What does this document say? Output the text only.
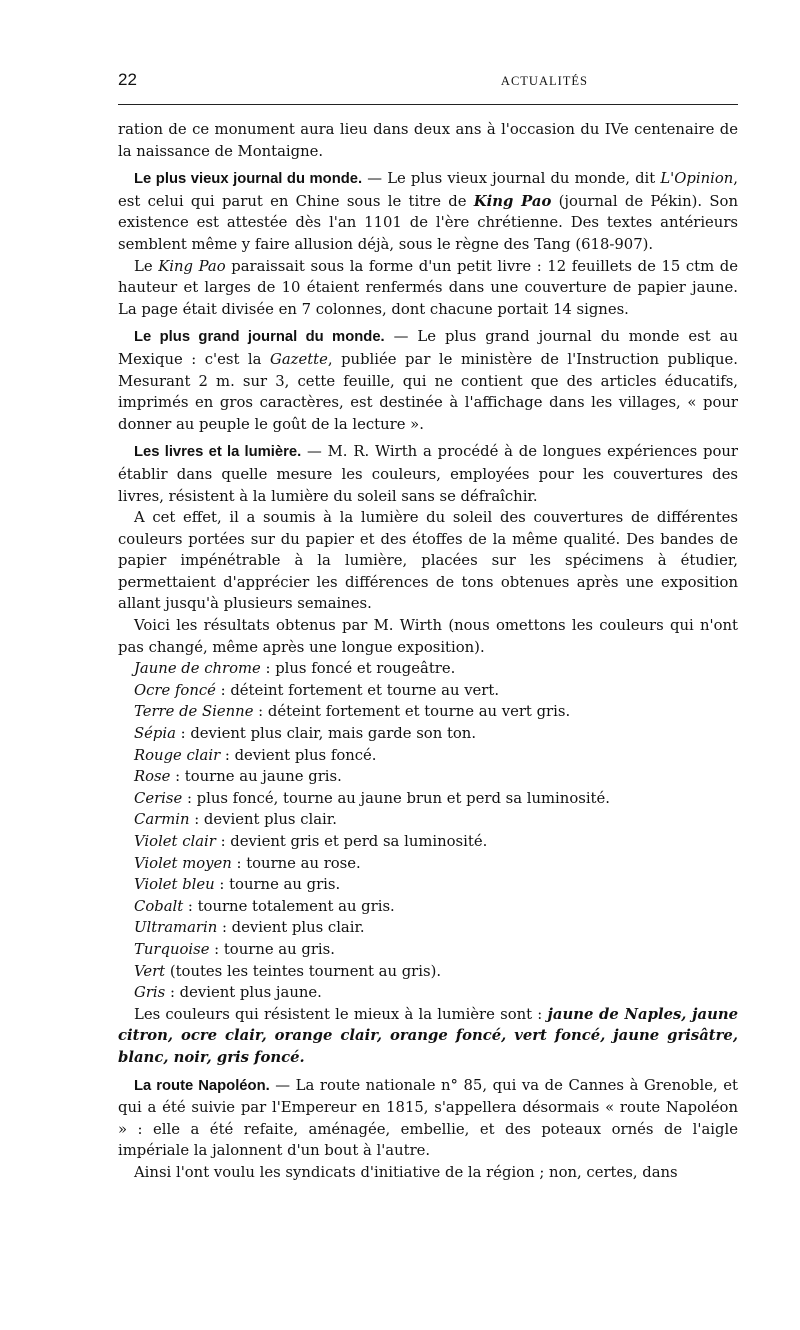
22	ACTUALITÉS

ration de ce monument aura lieu dans deux ans à l'occasion du IVe centenaire de la naissance de Montaigne.

Le plus vieux journal du monde. — Le plus vieux journal du monde, dit L'Opinion, est celui qui parut en Chine sous le titre de King Pao (journal de Pékin). Son existence est attestée dès l'an 1101 de l'ère chrétienne. Des textes antérieurs semblent même y faire allusion déjà, sous le règne des Tang (618-907).

Le King Pao paraissait sous la forme d'un petit livre : 12 feuillets de 15 ctm de hauteur et larges de 10 étaient renfermés dans une couverture de papier jaune. La page était divisée en 7 colonnes, dont chacune portait 14 signes.

Le plus grand journal du monde. — Le plus grand journal du monde est au Mexique : c'est la Gazette, publiée par le ministère de l'Instruction publique. Mesurant 2 m. sur 3, cette feuille, qui ne contient que des articles éducatifs, imprimés en gros caractères, est destinée à l'affichage dans les villages, « pour donner au peuple le goût de la lecture ».

Les livres et la lumière. — M. R. Wirth a procédé à de longues expériences pour établir dans quelle mesure les couleurs, employées pour les couvertures des livres, résistent à la lumière du soleil sans se défraîchir.

A cet effet, il a soumis à la lumière du soleil des couvertures de différentes couleurs portées sur du papier et des étoffes de la même qualité. Des bandes de papier impénétrable à la lumière, placées sur les spécimens à étudier, permettaient d'apprécier les différences de tons obtenues après une exposition allant jusqu'à plusieurs semaines.

Voici les résultats obtenus par M. Wirth (nous omettons les couleurs qui n'ont pas changé, même après une longue exposition).

Jaune de chrome : plus foncé et rougeâtre.

Ocre foncé : déteint fortement et tourne au vert.

Terre de Sienne : déteint fortement et tourne au vert gris.

Sépia : devient plus clair, mais garde son ton.

Rouge clair : devient plus foncé.

Rose : tourne au jaune gris.

Cerise : plus foncé, tourne au jaune brun et perd sa luminosité.

Carmin : devient plus clair.

Violet clair : devient gris et perd sa luminosité.

Violet moyen : tourne au rose.

Violet bleu : tourne au gris.

Cobalt : tourne totalement au gris.

Ultramarin : devient plus clair.

Turquoise : tourne au gris.

Vert (toutes les teintes tournent au gris).

Gris : devient plus jaune.

Les couleurs qui résistent le mieux à la lumière sont : jaune de Naples, jaune citron, ocre clair, orange clair, orange foncé, vert foncé, jaune grisâtre, blanc, noir, gris foncé.

La route Napoléon. — La route nationale n° 85, qui va de Cannes à Grenoble, et qui a été suivie par l'Empereur en 1815, s'appellera désormais « route Napoléon » : elle a été refaite, aménagée, embellie, et des poteaux ornés de l'aigle impériale la jalonnent d'un bout à l'autre.

Ainsi l'ont voulu les syndicats d'initiative de la région ; non, certes, dans
